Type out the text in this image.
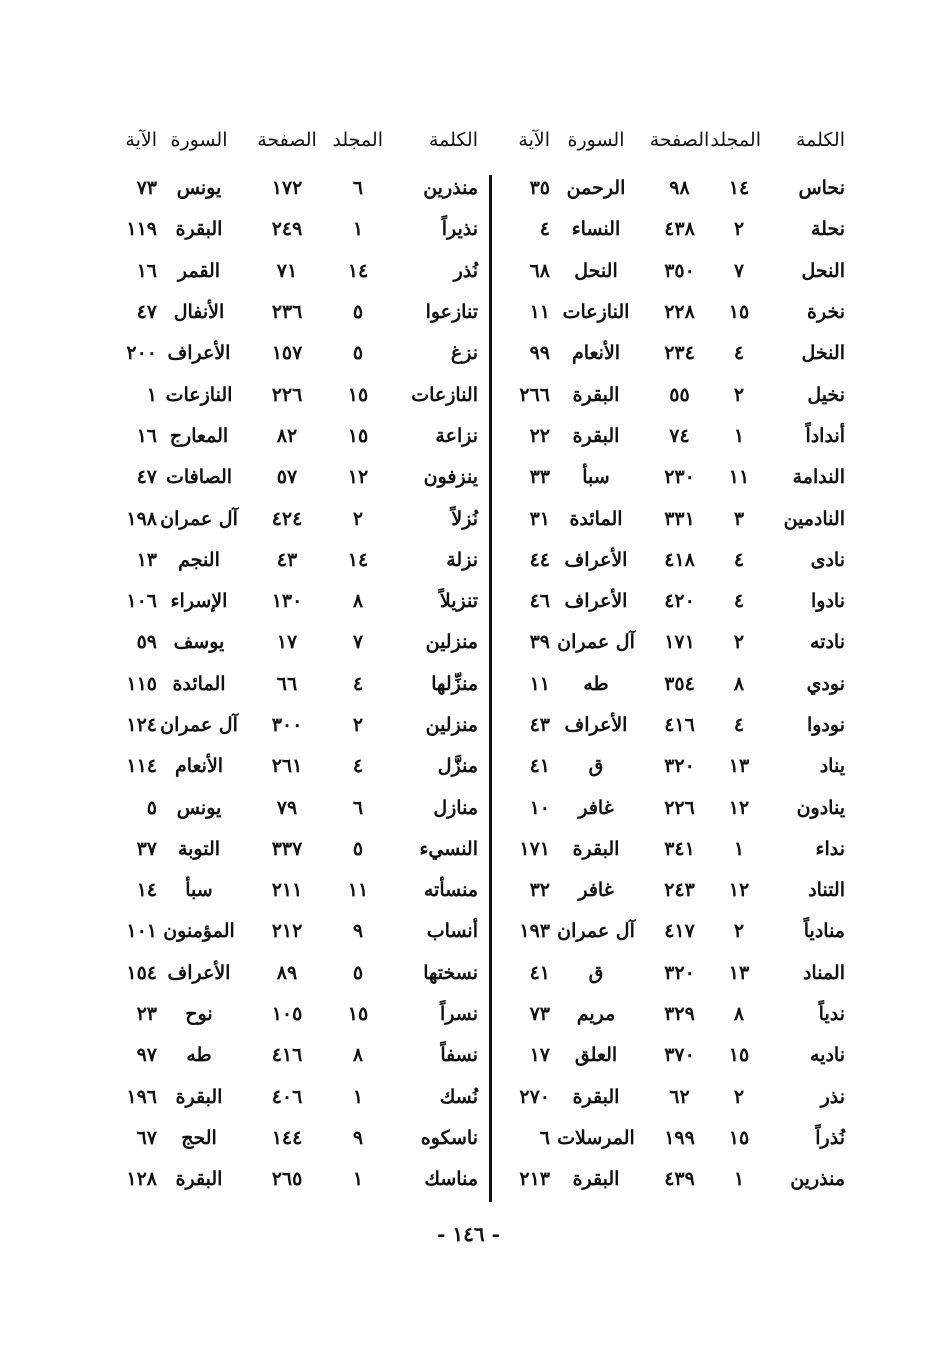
الكلمة
المجلد
الصفحة
السورة
الآية
نحاس
١٤
٩٨
الرحمن
٣٥
نحلة
٢
٤٣٨
النساء
٤
النحل
٧
٣٥٠
النحل
٦٨
نخرة
١٥
٢٢٨
النازعات
١١
النخل
٤
٢٣٤
الأنعام
٩٩
نخيل
٢
٥٥
البقرة
٢٦٦
أنداداً
١
٧٤
البقرة
٢٢
الندامة
١١
٢٣٠
سبأ
٣٣
النادمين
٣
٣٣١
المائدة
٣١
نادى
٤
٤١٨
الأعراف
٤٤
نادوا
٤
٤٢٠
الأعراف
٤٦
نادته
٢
١٧١
آل عمران
٣٩
نودي
٨
٣٥٤
طه
١١
نودوا
٤
٤١٦
الأعراف
٤٣
يناد
١٣
٣٢٠
ق
٤١
ينادون
١٢
٢٢٦
غافر
١٠
نداء
١
٣٤١
البقرة
١٧١
التناد
١٢
٢٤٣
غافر
٣٢
منادياً
٢
٤١٧
آل عمران
١٩٣
المناد
١٣
٣٢٠
ق
٤١
ندياً
٨
٣٢٩
مريم
٧٣
ناديه
١٥
٣٧٠
العلق
١٧
نذر
٢
٦٢
البقرة
٢٧٠
نُذراً
١٥
١٩٩
المرسلات
٦
منذرين
١
٤٣٩
البقرة
٢١٣
الكلمة
المجلد
الصفحة
السورة
الآية
منذرين
٦
١٧٢
يونس
٧٣
نذيراً
١
٢٤٩
البقرة
١١٩
نُذر
١٤
٧١
القمر
١٦
تنازعوا
٥
٢٣٦
الأنفال
٤٧
نزغ
٥
١٥٧
الأعراف
٢٠٠
النازعات
١٥
٢٢٦
النازعات
١
نزاعة
١٥
٨٢
المعارج
١٦
ينزفون
١٢
٥٧
الصافات
٤٧
نُزلاً
٢
٤٢٤
آل عمران
١٩٨
نزلة
١٤
٤٣
النجم
١٣
تنزيلاً
٨
١٣٠
الإسراء
١٠٦
منزلين
٧
١٧
يوسف
٥٩
منزِّلها
٤
٦٦
المائدة
١١٥
منزلين
٢
٣٠٠
آل عمران
١٢٤
منزَّل
٤
٢٦١
الأنعام
١١٤
منازل
٦
٧٩
يونس
٥
النسيء
٥
٣٣٧
التوبة
٣٧
منسأته
١١
٢١١
سبأ
١٤
أنساب
٩
٢١٢
المؤمنون
١٠١
نسختها
٥
٨٩
الأعراف
١٥٤
نسراً
١٥
١٠٥
نوح
٢٣
نسفاً
٨
٤١٦
طه
٩٧
نُسك
١
٤٠٦
البقرة
١٩٦
ناسكوه
٩
١٤٤
الحج
٦٧
مناسك
١
٢٦٥
البقرة
١٢٨
- ١٤٦ -
